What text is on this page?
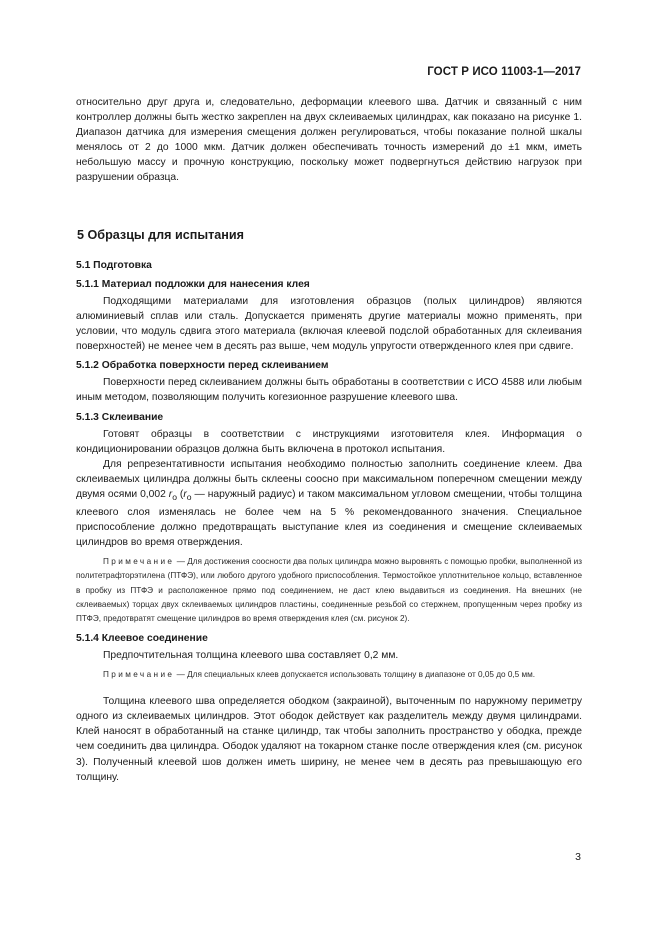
ГОСТ Р ИСО 11003-1—2017

относительно друг друга и, следовательно, деформации клеевого шва. Датчик и связанный с ним контроллер должны быть жестко закреплен на двух склеиваемых цилиндрах, как показано на рисунке 1. Диапазон датчика для измерения смещения должен регулироваться, чтобы показание полной шкалы менялось от 2 до 1000 мкм. Датчик должен обеспечивать точность измерений до ±1 мкм, иметь небольшую массу и прочную конструкцию, поскольку может подвергнуться действию нагрузок при разрушении образца.

5 Образцы для испытания
5.1 Подготовка
5.1.1 Материал подложки для нанесения клея

Подходящими материалами для изготовления образцов (полых цилиндров) являются алюминиевый сплав или сталь. Допускается применять другие материалы можно применять, при условии, что модуль сдвига этого материала (включая клеевой подслой обработанных для склеивания поверхностей) не менее чем в десять раз выше, чем модуль упругости отвержденного клея при сдвиге.

5.1.2 Обработка поверхности перед склеиванием

Поверхности перед склеиванием должны быть обработаны в соответствии с ИСО 4588 или любым иным методом, позволяющим получить когезионное разрушение клеевого шва.

5.1.3 Склеивание

Готовят образцы в соответствии с инструкциями изготовителя клея. Информация о кондиционировании образцов должна быть включена в протокол испытания.

Для репрезентативности испытания необходимо полностью заполнить соединение клеем. Два склеиваемых цилиндра должны быть склеены соосно при максимальном поперечном смещении между двумя осями 0,002 $r_o$ ($r_o$ — наружный радиус) и таком максимальном угловом смещении, чтобы толщина клеевого слоя изменялась не более чем на 5 % рекомендованного значения. Специальное приспособление должно предотвращать выступание клея из соединения и смещение склеиваемых цилиндров во время отверждения.

Примечание — Для достижения соосности два полых цилиндра можно выровнять с помощью пробки, выполненной из политетрафторэтилена (ПТФЭ), или любого другого удобного приспособления. Термостойкое уплотнительное кольцо, вставленное в пробку из ПТФЭ и расположенное прямо под соединением, не даст клею выдавиться из соединения. На внешних (не склеиваемых) торцах двух склеиваемых цилиндров пластины, соединенные резьбой со стержнем, пропущенным через пробку из ПТФЭ, предотвратят смещение цилиндров во время отверждения клея (см. рисунок 2).

5.1.4 Клеевое соединение

Предпочтительная толщина клеевого шва составляет 0,2 мм.

Примечание — Для специальных клеев допускается использовать толщину в диапазоне от 0,05 до 0,5 мм.

Толщина клеевого шва определяется ободком (закраиной), выточенным по наружному периметру одного из склеиваемых цилиндров. Этот ободок действует как разделитель между двумя цилиндрами. Клей наносят в обработанный на станке цилиндр, так чтобы заполнить пространство у ободка, прежде чем соединить два цилиндра. Ободок удаляют на токарном станке после отверждения клея (см. рисунок 3). Полученный клеевой шов должен иметь ширину, не менее чем в десять раз превышающую его толщину.

3
